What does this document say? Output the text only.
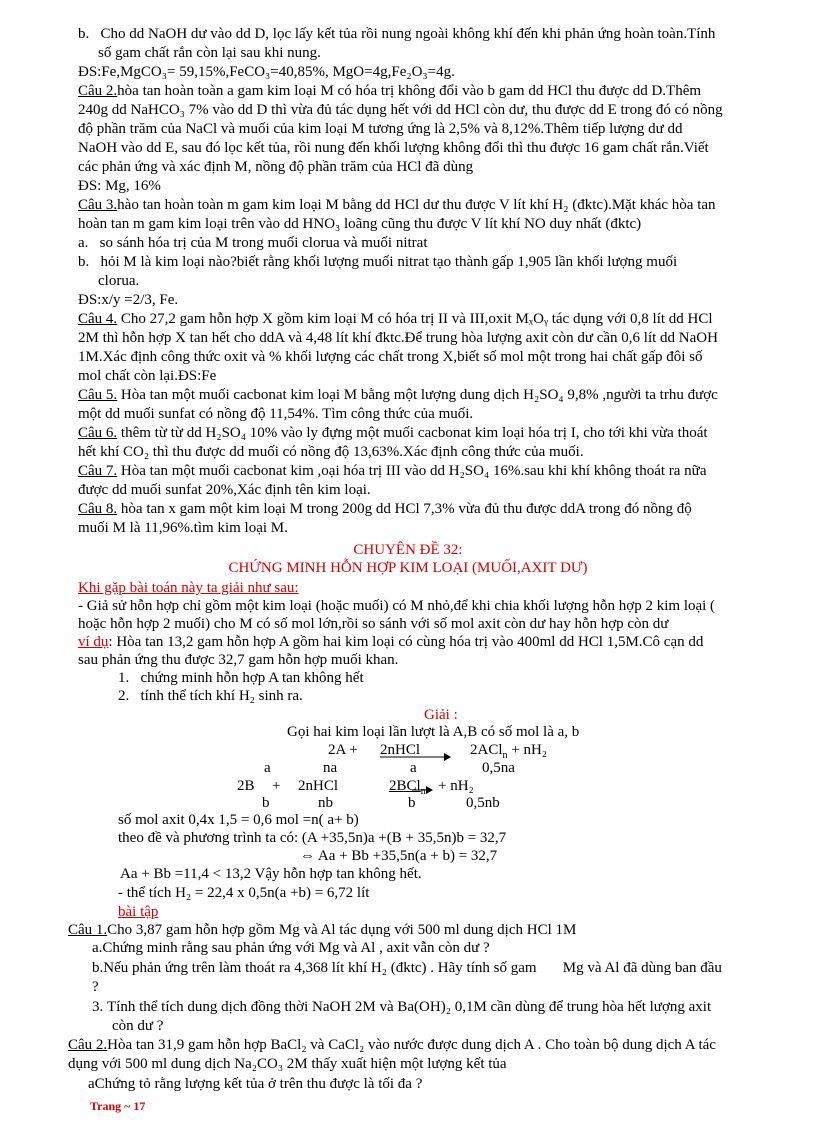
b.   Cho dd NaOH dư vào dd D, lọc lấy kết tủa rồi nung ngoài không khí đến khi phản ứng hoàn toàn.Tính
số gam chất rắn còn lại sau khi nung.
ĐS:Fe,MgCO₃= 59,15%,FeCO₃=40,85%, MgO=4g,Fe₂O₃=4g.
Câu 2.hòa tan hoàn toàn a gam kim loại M có hóa trị không đổi vào b gam dd HCl thu được dd D.Thêm
240g dd NaHCO₃ 7% vào dd D thì vừa đủ tác dụng hết với dd HCl còn dư, thu được dd E trong đó có nồng
độ phần trăm của NaCl và muối của kim loại M tương ứng là 2,5% và 8,12%.Thêm tiếp lượng dư dd
NaOH vào dd E, sau đó lọc kết tủa, rồi nung đến khối lượng không đổi thì thu được 16 gam chất rắn.Viết
các phản ứng và xác định M, nồng độ phần trăm của HCl đã dùng
ĐS: Mg, 16%
Câu 3.hào tan hoàn toàn m gam kim loại M bằng dd HCl dư thu được V lít khí H₂ (đktc).Mặt khác hòa tan
hoàn tan m gam kim loại trên vào dd HNO₃ loãng cũng thu được V lít khí NO duy nhất (đktc)
a.   so sánh hóa trị của M trong muối clorua và muối nitrat
b.   hỏi M là kim loại nào?biết rằng khối lượng muối nitrat tạo thành gấp 1,905 lần khối lượng muối
clorua.
ĐS:x/y =2/3, Fe.
Câu 4. Cho 27,2 gam hỗn hợp X gồm kim loại M có hóa trị II và III,oxit MₓOᵧ tác dụng với 0,8 lít dd HCl
2M thì hỗn hợp X tan hết cho ddA và 4,48 lít khí đktc.Để trung hòa lượng axit còn dư cần 0,6 lít dd NaOH
1M.Xác định công thức oxit và % khối lượng các chất trong X,biết số mol một trong hai chất gấp đôi số
mol chất còn lại.ĐS:Fe
Câu 5. Hòa tan một muối cacbonat kim loại M bằng một lượng dung dịch H₂SO₄ 9,8% ,người ta trhu được
một dd muối sunfat có nồng độ 11,54%. Tìm công thức của muối.
Câu 6. thêm từ từ dd H₂SO₄ 10% vào ly đựng một muối cacbonat kim loại hóa trị I, cho tới khi vừa thoát
hết khí CO₂ thì thu được dd muối có nồng độ 13,63%.Xác định công thức của muối.
Câu 7. Hòa tan một muối cacbonat kim ,oại hóa trị III vào dd H₂SO₄ 16%.sau khi khí không thoát ra nữa
được dd muối sunfat 20%,Xác định tên kim loại.
Câu 8. hòa tan x gam một kim loại M trong 200g dd HCl 7,3% vừa đủ thu được ddA trong đó nồng độ
muối M là 11,96%.tìm kim loại M.
CHUYÊN ĐỀ 32:
CHỨNG MINH HỖN HỢP KIM LOẠI (MUỐI,AXIT DƯ)
Khi gặp bài toán này ta giải như sau:
- Giả sử hỗn hợp chỉ gồm một kim loại (hoặc muối) có M nhỏ,để khi chia khối lượng hỗn hợp 2 kim loại (
hoặc hỗn hợp 2 muối) cho M có số mol lớn,rồi so sánh với số mol axit còn dư hay hỗn hợp còn dư
ví dụ: Hòa tan 13,2 gam hỗn hợp A gồm hai kim loại có cùng hóa trị vào 400ml dd HCl 1,5M.Cô cạn dd
sau phản ứng thu được 32,7 gam hỗn hợp muối khan.
1.   chứng minh hỗn hợp A tan không hết
2.   tính thể tích khí H₂ sinh ra.
Giải :
Gọi hai kim loại lần lượt là A,B có số mol là a, b
2A + 2nHCl	2ACl$_n$ + nH₂
a	na	a	0,5na
2B + 2nHCl	2BCl$_n$ + nH₂
b	nb	b	0,5nb
số mol axit 0,4x 1,5 = 0,6 mol =n( a+ b)
theo đề và phương trình ta có: (A +35,5n)a +(B + 35,5n)b = 32,7
⇔ Aa + Bb +35,5n(a + b) = 32,7
Aa + Bb =11,4 < 13,2 Vậy hỗn hợp tan không hết.
- thể tích H₂ = 22,4 x 0,5n(a +b) = 6,72 lít
bài tập
Câu 1.Cho 3,87 gam hỗn hợp gồm Mg và Al tác dụng với 500 ml dung dịch HCl 1M
a.Chứng minh rằng sau phản ứng với Mg và Al , axit vẫn còn dư ?
b.Nếu phản ứng trên làm thoát ra 4,368 lít khí H₂ (đktc) . Hãy tính số gam       Mg và Al đã dùng ban đầu
?
3. Tính thể tích dung dịch đồng thời NaOH 2M và Ba(OH)₂ 0,1M cần dùng để trung hòa hết lượng axit
còn dư ?
Câu 2.Hòa tan 31,9 gam hỗn hợp BaCl₂ và CaCl₂ vào nước được dung dịch A . Cho toàn bộ dung dịch A tác
dụng với 500 ml dung dịch Na₂CO₃ 2M thấy xuất hiện một lượng kết tủa
aChứng tỏ rằng lượng kết tủa ở trên thu được là tối đa ?
Trang ~ 17
